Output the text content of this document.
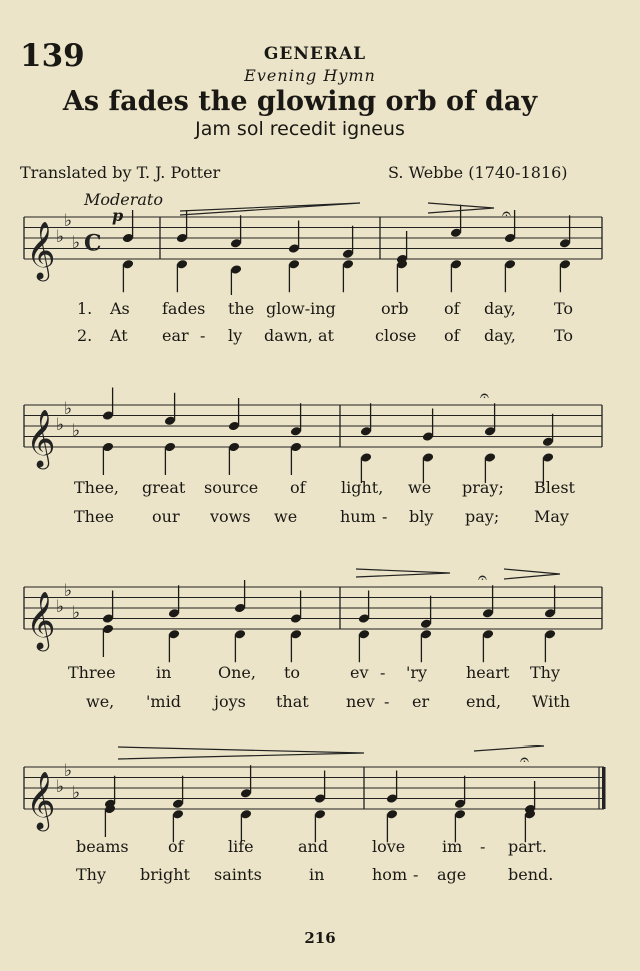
139	GENERAL
Evening Hymn
As fades the glowing orb of day
Jam sol recedit igneus
Translated by T. J. Potter	S. Webbe (1740-1816)
Moderato
p
𝄞 ♭
♭
♭ C
𝄐
𝄞 ♭
♭
♭
𝄐
𝄞 ♭
♭
♭
𝄐
𝄞 ♭
♭
♭
𝄐
1. As fades the glow-ing	orb of day, To
2. At ear - ly dawn, at	close of day, To
Thee, great source of light, we pray; Blest
Thee our vows we	hum - bly pay; May
Three	in	One, to	ev - 'ry heart Thy
we, 'mid joys that nev - er end, With
beams of	life	and	love im - part.
Thy bright saints	in	hom - age	bend.
216
